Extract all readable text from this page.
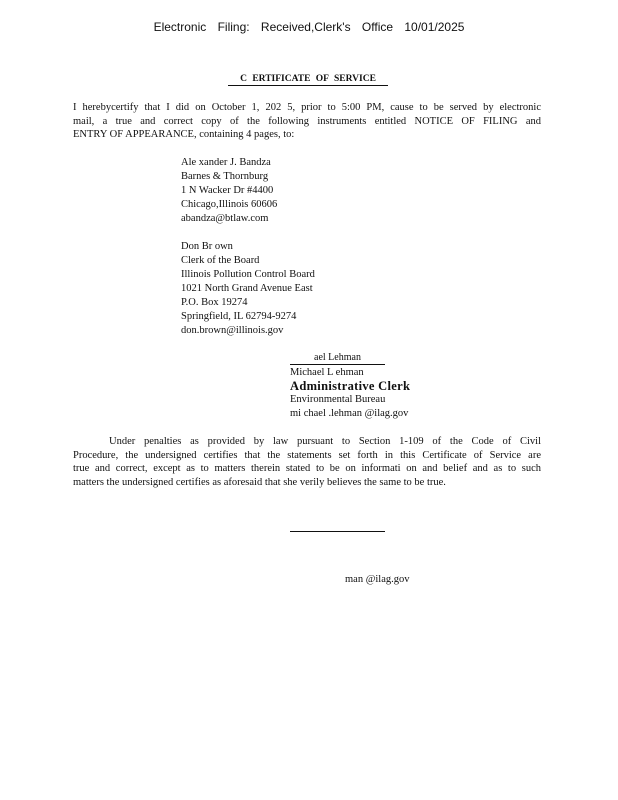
Electronic Filing: Received,Clerk's Office 10/01/2025
C ERTIFICATE OF SERVICE
I herebycertify that I did on October 1, 202 5, prior to 5:00 PM, cause to be served by electronic
mail, a true and correct copy of the following instruments entitled NOTICE OF FILING and
ENTRY OF APPEARANCE, containing 4 pages, to:
Ale xander J. Bandza
Barnes & Thornburg
1 N Wacker Dr #4400
Chicago,Illinois 60606
abandza@btlaw.com
Don Br own
Clerk of the Board
Illinois Pollution Control Board
1021 North Grand Avenue East
P.O. Box 19274
Springfield, IL 62794-9274
don.brown@illinois.gov
ael Lehman
Michael L ehman
Administrative Clerk
Environmental Bureau
mi chael .lehman @ilag.gov
Under penalties as provided by law pursuant to Section 1-109 of the Code of Civil
Procedure, the undersigned certifies that the statements set forth in this Certificate of Service are
true and correct, except as to matters therein stated to be on informati on and belief and as to such
matters the undersigned certifies as aforesaid that she verily believes the same to be true.
man @ilag.gov
